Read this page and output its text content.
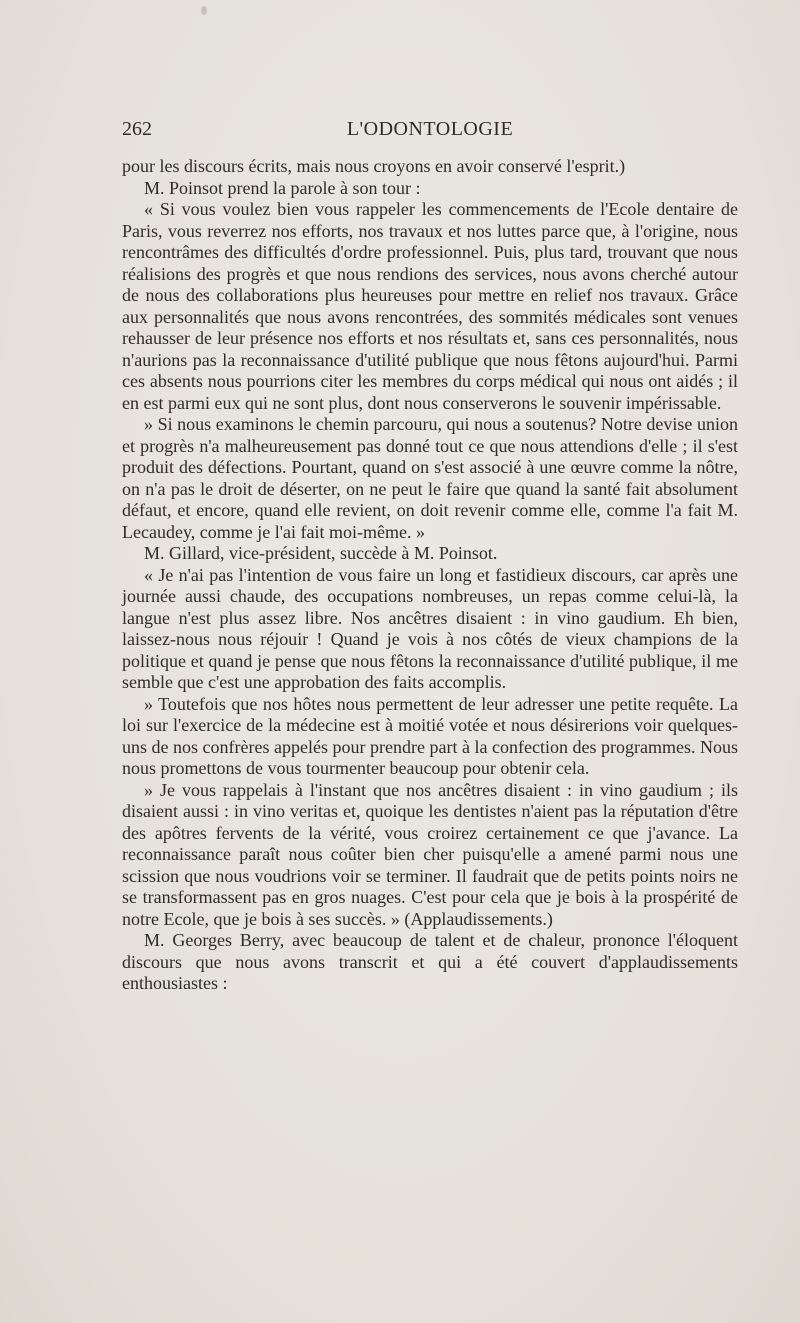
262	L'ODONTOLOGIE

pour les discours écrits, mais nous croyons en avoir conservé l'esprit.)

M. Poinsot prend la parole à son tour :

« Si vous voulez bien vous rappeler les commencements de l'Ecole dentaire de Paris, vous reverrez nos efforts, nos travaux et nos luttes parce que, à l'origine, nous rencontrâmes des difficultés d'ordre professionnel. Puis, plus tard, trouvant que nous réalisions des progrès et que nous rendions des services, nous avons cherché autour de nous des collaborations plus heureuses pour mettre en relief nos travaux. Grâce aux personnalités que nous avons rencontrées, des sommités médicales sont venues rehausser de leur présence nos efforts et nos résultats et, sans ces personnalités, nous n'aurions pas la reconnaissance d'utilité publique que nous fêtons aujourd'hui. Parmi ces absents nous pourrions citer les membres du corps médical qui nous ont aidés ; il en est parmi eux qui ne sont plus, dont nous conserverons le souvenir impérissable.

» Si nous examinons le chemin parcouru, qui nous a soutenus? Notre devise union et progrès n'a malheureusement pas donné tout ce que nous attendions d'elle ; il s'est produit des défections. Pourtant, quand on s'est associé à une œuvre comme la nôtre, on n'a pas le droit de déserter, on ne peut le faire que quand la santé fait absolument défaut, et encore, quand elle revient, on doit revenir comme elle, comme l'a fait M. Lecaudey, comme je l'ai fait moi-même. »

M. Gillard, vice-président, succède à M. Poinsot.

« Je n'ai pas l'intention de vous faire un long et fastidieux discours, car après une journée aussi chaude, des occupations nombreuses, un repas comme celui-là, la langue n'est plus assez libre. Nos ancêtres disaient : in vino gaudium. Eh bien, laissez-nous nous réjouir ! Quand je vois à nos côtés de vieux champions de la politique et quand je pense que nous fêtons la reconnaissance d'utilité publique, il me semble que c'est une approbation des faits accomplis.

» Toutefois que nos hôtes nous permettent de leur adresser une petite requête. La loi sur l'exercice de la médecine est à moitié votée et nous désirerions voir quelques-uns de nos confrères appelés pour prendre part à la confection des programmes. Nous nous promettons de vous tourmenter beaucoup pour obtenir cela.

» Je vous rappelais à l'instant que nos ancêtres disaient : in vino gaudium ; ils disaient aussi : in vino veritas et, quoique les dentistes n'aient pas la réputation d'être des apôtres fervents de la vérité, vous croirez certainement ce que j'avance. La reconnaissance paraît nous coûter bien cher puisqu'elle a amené parmi nous une scission que nous voudrions voir se terminer. Il faudrait que de petits points noirs ne se transformassent pas en gros nuages. C'est pour cela que je bois à la prospérité de notre Ecole, que je bois à ses succès. » (Applaudissements.)

M. Georges Berry, avec beaucoup de talent et de chaleur, prononce l'éloquent discours que nous avons transcrit et qui a été couvert d'applaudissements enthousiastes :
